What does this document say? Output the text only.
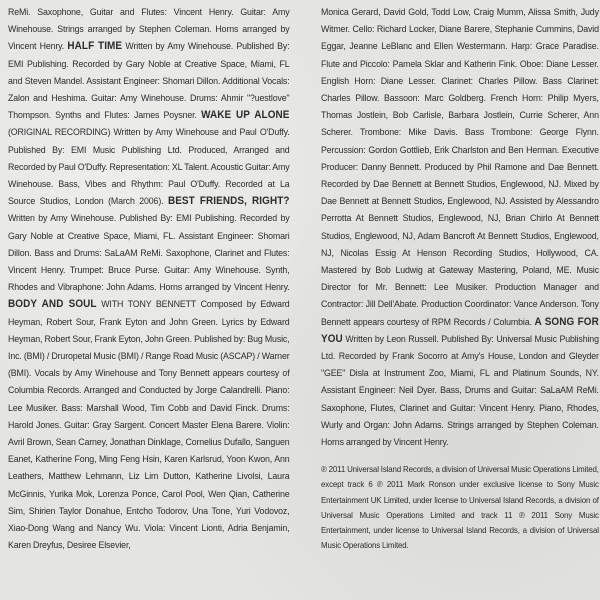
ReMi. Saxophone, Guitar and Flutes: Vincent Henry. Guitar: Amy Winehouse. Strings arranged by Stephen Coleman. Horns arranged by Vincent Henry. HALF TIME Written by Amy Winehouse. Published By: EMI Publishing. Recorded by Gary Noble at Creative Space, Miami, FL and Steven Mandel. Assistant Engineer: Shomari Dillon. Additional Vocals: Zalon and Heshima. Guitar: Amy Winehouse. Drums: Ahmir "?uestlove" Thompson. Synths and Flutes: James Poysner. WAKE UP ALONE (ORIGINAL RECORDING) Written by Amy Winehouse and Paul O'Duffy. Published By: EMI Music Publishing Ltd. Produced, Arranged and Recorded by Paul O'Duffy. Representation: XL Talent. Acoustic Guitar: Amy Winehouse. Bass, Vibes and Rhythm: Paul O'Duffy. Recorded at La Source Studios, London (March 2006). BEST FRIENDS, RIGHT? Written by Amy Winehouse. Published By: EMI Publishing. Recorded by Gary Noble at Creative Space, Miami, FL. Assistant Engineer: Shomari Dillon. Bass and Drums: SaLaAM ReMi. Saxophone, Clarinet and Flutes: Vincent Henry. Trumpet: Bruce Purse. Guitar: Amy Winehouse. Synth, Rhodes and Vibraphone: John Adams. Horns arranged by Vincent Henry. BODY AND SOUL WITH TONY BENNETT Composed by Edward Heyman, Robert Sour, Frank Eyton and John Green. Lyrics by Edward Heyman, Robert Sour, Frank Eyton, John Green. Published by: Bug Music, Inc. (BMI) / Druropetal Music (BMI) / Range Road Music (ASCAP) / Warner (BMI). Vocals by Amy Winehouse and Tony Bennett appears courtesy of Columbia Records. Arranged and Conducted by Jorge Calandrelli. Piano: Lee Musiker. Bass: Marshall Wood, Tim Cobb and David Finck. Drums: Harold Jones. Guitar: Gray Sargent. Concert Master Elena Barere. Violin: Avril Brown, Sean Carney, Jonathan Dinklage, Cornelius Dufallo, Sanguen Eanet, Katherine Fong, Ming Feng Hsin, Karen Karlsrud, Yoon Kwon, Ann Leathers, Matthew Lehmann, Liz Lim Dutton, Katherine Livolsi, Laura McGinnis, Yurika Mok, Lorenza Ponce, Carol Pool, Wen Qian, Catherine Sim, Shirien Taylor Donahue, Entcho Todorov, Una Tone, Yuri Vodovoz, Xiao-Dong Wang and Nancy Wu. Viola: Vincent Lionti, Adria Benjamin, Karen Dreyfus, Desiree Elsevier,

Monica Gerard, David Gold, Todd Low, Craig Mumm, Alissa Smith, Judy Witmer. Cello: Richard Locker, Diane Barere, Stephanie Cummins, David Eggar, Jeanne LeBlanc and Ellen Westermann. Harp: Grace Paradise. Flute and Piccolo: Pamela Sklar and Katherin Fink. Oboe: Diane Lesser. English Horn: Diane Lesser. Clarinet: Charles Pillow. Bass Clarinet: Charles Pillow. Bassoon: Marc Goldberg. French Horn: Philip Myers, Thomas Jostlein, Bob Carlisle, Barbara Jostlein, Currie Scherer, Ann Scherer. Trombone: Mike Davis. Bass Trombone: George Flynn. Percussion: Gordon Gottlieb, Erik Charlston and Ben Herman. Executive Producer: Danny Bennett. Produced by Phil Ramone and Dae Bennett. Recorded by Dae Bennett at Bennett Studios, Englewood, NJ. Mixed by Dae Bennett at Bennett Studios, Englewood, NJ. Assisted by Alessandro Perrotta At Bennett Studios, Englewood, NJ, Brian Chirlo At Bennett Studios, Englewood, NJ, Adam Bancroft At Bennett Studios, Englewood, NJ, Nicolas Essig At Henson Recording Studios, Hollywood, CA. Mastered by Bob Ludwig at Gateway Mastering, Poland, ME. Music Director for Mr. Bennett: Lee Musiker. Production Manager and Contractor: Jill Dell'Abate. Production Coordinator: Vance Anderson. Tony Bennett appears courtesy of RPM Records / Columbia. A SONG FOR YOU Written by Leon Russell. Published By: Universal Music Publishing Ltd. Recorded by Frank Socorro at Amy's House, London and Gleyder "GEE" Disla at Instrument Zoo, Miami, FL and Platinum Sounds, NY. Assistant Engineer: Neil Dyer. Bass, Drums and Guitar: SaLaAM ReMi. Saxophone, Flutes, Clarinet and Guitar: Vincent Henry. Piano, Rhodes, Wurly and Organ: John Adams. Strings arranged by Stephen Coleman. Horns arranged by Vincent Henry.

℗ 2011 Universal Island Records, a division of Universal Music Operations Limited, except track 6 ℗ 2011 Mark Ronson under exclusive license to Sony Music Entertainment UK Limited, under license to Universal Island Records, a division of Universal Music Operations Limited and track 11 ℗ 2011 Sony Music Entertainment, under license to Universal Island Records, a division of Universal Music Operations Limited.
